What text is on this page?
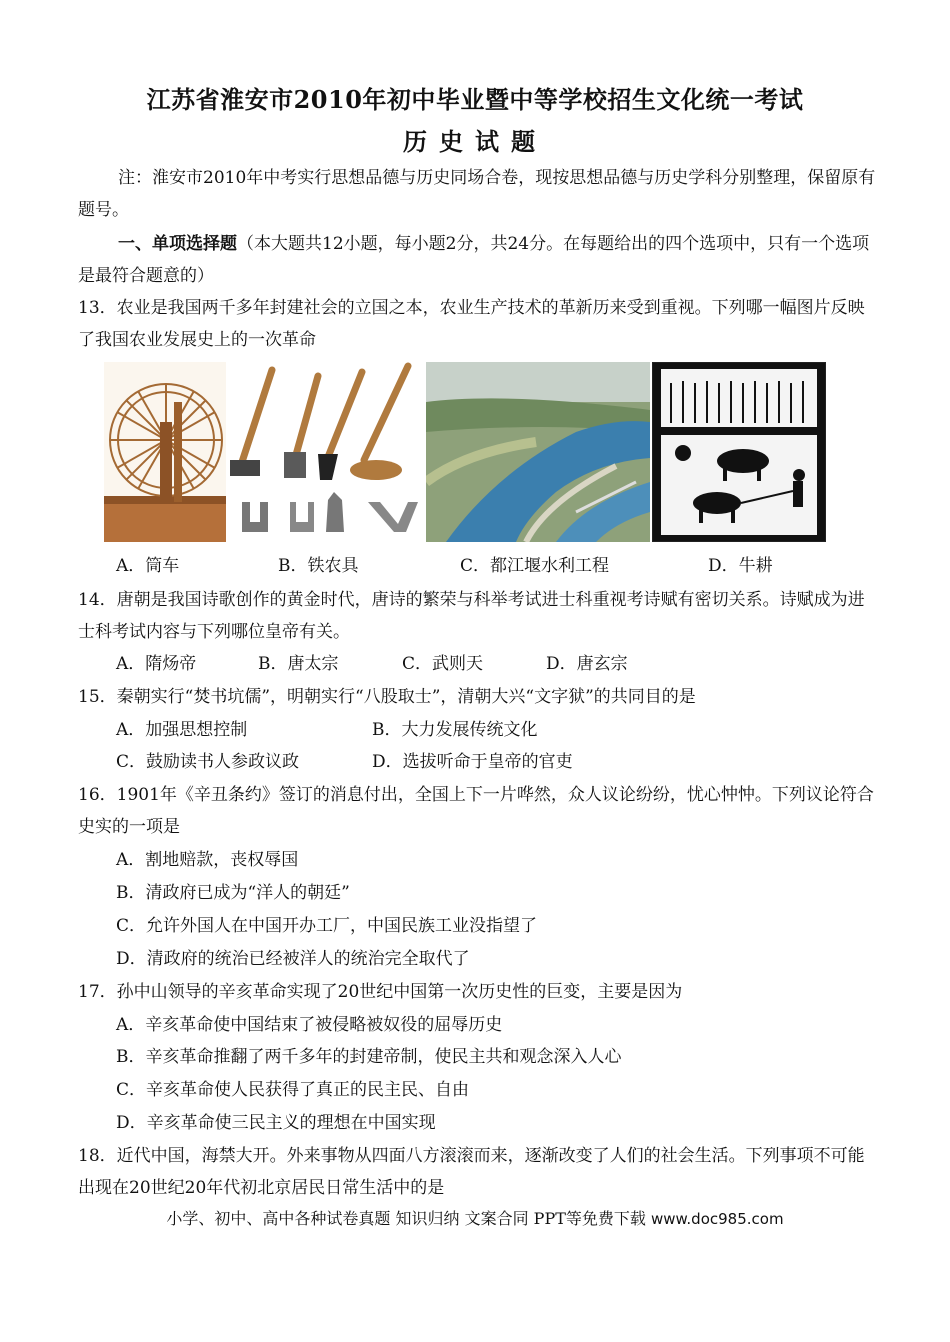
江苏省淮安市2010年初中毕业暨中等学校招生文化统一考试
历史试题
注：淮安市2010年中考实行思想品德与历史同场合卷，现按思想品德与历史学科分别整理，保留原有题号。
一、单项选择题（本大题共12小题，每小题2分，共24分。在每题给出的四个选项中，只有一个选项是最符合题意的）
13．农业是我国两千多年封建社会的立国之本，农业生产技术的革新历来受到重视。下列哪一幅图片反映了我国农业发展史上的一次革命
A．筒车	B．铁农具	C．都江堰水利工程	D．牛耕
14．唐朝是我国诗歌创作的黄金时代，唐诗的繁荣与科举考试进士科重视考诗赋有密切关系。诗赋成为进士科考试内容与下列哪位皇帝有关。
A．隋炀帝	B．唐太宗	C．武则天	D．唐玄宗
15．秦朝实行“焚书坑儒”，明朝实行“八股取士”，清朝大兴“文字狱”的共同目的是
A．加强思想控制	B．大力发展传统文化
C．鼓励读书人参政议政	D．选拔听命于皇帝的官吏
16．1901年《辛丑条约》签订的消息付出，全国上下一片哗然，众人议论纷纷，忧心忡忡。下列议论符合史实的一项是
A．割地赔款，丧权辱国
B．清政府已成为“洋人的朝廷”
C．允许外国人在中国开办工厂，中国民族工业没指望了
D．清政府的统治已经被洋人的统治完全取代了
17．孙中山领导的辛亥革命实现了20世纪中国第一次历史性的巨变，主要是因为
A．辛亥革命使中国结束了被侵略被奴役的屈辱历史
B．辛亥革命推翻了两千多年的封建帝制，使民主共和观念深入人心
C．辛亥革命使人民获得了真正的民主民、自由
D．辛亥革命使三民主义的理想在中国实现
18．近代中国，海禁大开。外来事物从四面八方滚滚而来，逐渐改变了人们的社会生活。下列事项不可能出现在20世纪20年代初北京居民日常生活中的是
小学、初中、高中各种试卷真题 知识归纳 文案合同 PPT等免费下载 www.doc985.com
